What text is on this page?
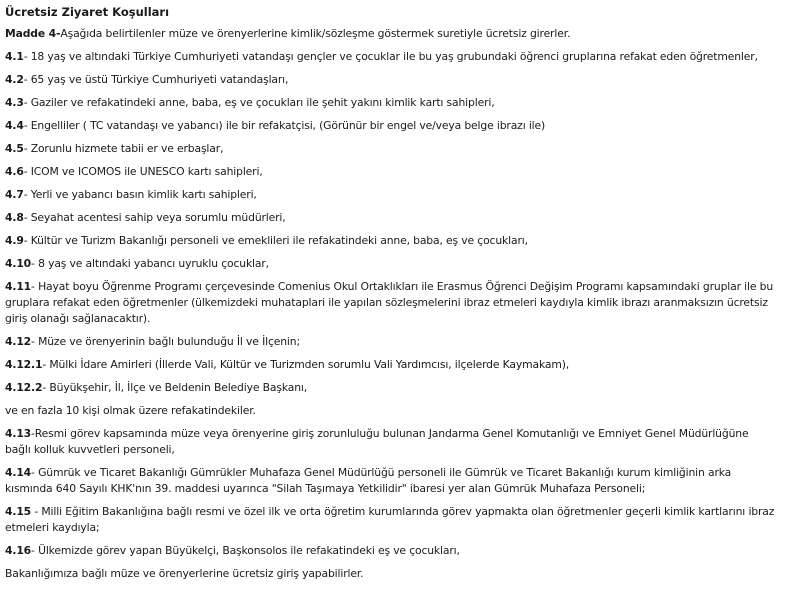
Ücretsiz Ziyaret Koşulları
Madde 4-Aşağıda belirtilenler müze ve örenyerlerine kimlik/sözleşme göstermek suretiyle ücretsiz girerler.
4.1- 18 yaş ve altındaki Türkiye Cumhuriyeti vatandaşı gençler ve çocuklar ile bu yaş grubundaki öğrenci gruplarına refakat eden öğretmenler,
4.2- 65 yaş ve üstü Türkiye Cumhuriyeti vatandaşları,
4.3- Gaziler ve refakatindeki anne, baba, eş ve çocukları ile şehit yakını kimlik kartı sahipleri,
4.4- Engelliler ( TC vatandaşı ve yabancı) ile bir refakatçisi, (Görünür bir engel ve/veya belge ibrazı ile)
4.5- Zorunlu hizmete tabii er ve erbaşlar,
4.6- ICOM ve ICOMOS ile UNESCO kartı sahipleri,
4.7- Yerli ve yabancı basın kimlik kartı sahipleri,
4.8- Seyahat acentesi sahip veya sorumlu müdürleri,
4.9- Kültür ve Turizm Bakanlığı personeli ve emeklileri ile refakatindeki anne, baba, eş ve çocukları,
4.10- 8 yaş ve altındaki yabancı uyruklu çocuklar,
4.11- Hayat boyu Öğrenme Programı çerçevesinde Comenius Okul Ortaklıkları ile Erasmus Öğrenci Değişim Programı kapsamındaki gruplar ile bu gruplara refakat eden öğretmenler (ülkemizdeki muhataplari ile yapılan sözleşmelerini ibraz etmeleri kaydıyla kimlik ibrazı aranmaksızın ücretsiz giriş olanağı sağlanacaktır).
4.12- Müze ve örenyerinin bağlı bulunduğu İl ve İlçenin;
4.12.1- Mülki İdare Amirleri (İllerde Vali, Kültür ve Turizmden sorumlu Vali Yardımcısı, ilçelerde Kaymakam),
4.12.2- Büyükşehir, İl, İlçe ve Beldenin Belediye Başkanı,
ve en fazla 10 kişi olmak üzere refakatindekiler.
4.13-Resmi görev kapsamında müze veya örenyerine giriş zorunluluğu bulunan Jandarma Genel Komutanlığı ve Emniyet Genel Müdürlüğüne bağlı kolluk kuvvetleri personeli,
4.14- Gümrük ve Ticaret Bakanlığı Gümrükler Muhafaza Genel Müdürlüğü personeli ile Gümrük ve Ticaret Bakanlığı kurum kimliğinin arka kısmında 640 Sayılı KHK'nın 39. maddesi uyarınca "Silah Taşımaya Yetkilidir" ibaresi yer alan Gümrük Muhafaza Personeli;
4.15 - Milli Eğitim Bakanlığına bağlı resmi ve özel ilk ve orta öğretim kurumlarında görev yapmakta olan öğretmenler geçerli kimlik kartlarını ibraz etmeleri kaydıyla;
4.16- Ülkemizde görev yapan Büyükelçi, Başkonsolos ile refakatindeki eş ve çocukları,
Bakanlığımıza bağlı müze ve örenyerlerine ücretsiz giriş yapabilirler.
